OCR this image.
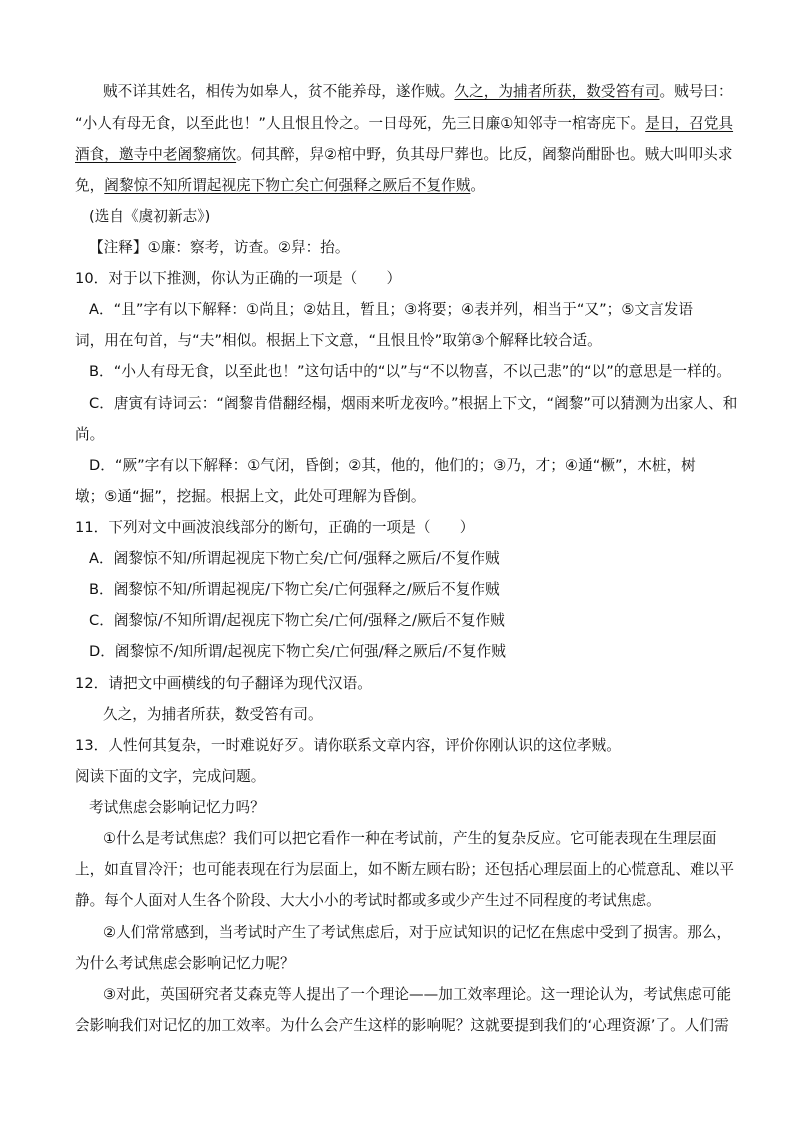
贼不详其姓名，相传为如皋人，贫不能养母，遂作贼。久之，为捕者所获，数受笞有司。贼号曰：
“小人有母无食，以至此也！”人且恨且怜之。一日母死，先三日廉①知邻寺一棺寄庑下。是日，召党具
酒食，邀寺中老阇黎痛饮。伺其醉，舁②棺中野，负其母尸葬也。比反，阇黎尚酣卧也。贼大叫叩头求
免，阇黎惊不知所谓起视庑下物亡矣亡何强释之厥后不复作贼。
(选自《虞初新志》)
【注释】①廉：察考，访查。②舁：抬。
10．对于以下推测，你认为正确的一项是（　　）
A．“且”字有以下解释：①尚且；②姑且，暂且；③将要；④表并列，相当于“又”；⑤文言发语
词，用在句首，与“夫”相似。根据上下文意，“且恨且怜”取第③个解释比较合适。
B．“小人有母无食，以至此也！”这句话中的“以”与“不以物喜，不以己悲”的“以”的意思是一样的。
C．唐寅有诗词云：“阇黎肯借翻经榻，烟雨来听龙夜吟。”根据上下文，“阇黎”可以猜测为出家人、和
尚。
D．“厥”字有以下解释：①气闭，昏倒；②其，他的，他们的；③乃，才；④通“橛”，木桩，树
墩；⑤通“掘”，挖掘。根据上文，此处可理解为昏倒。
11．下列对文中画波浪线部分的断句，正确的一项是（　　）
A．阇黎惊不知/所谓起视庑下物亡矣/亡何/强释之厥后/不复作贼
B．阇黎惊不知/所谓起视庑/下物亡矣/亡何强释之/厥后不复作贼
C．阇黎惊/不知所谓/起视庑下物亡矣/亡何/强释之/厥后不复作贼
D．阇黎惊不/知所谓/起视庑下物亡矣/亡何强/释之厥后/不复作贼
12．请把文中画横线的句子翻译为现代汉语。
久之，为捕者所获，数受笞有司。
13．人性何其复杂，一时难说好歹。请你联系文章内容，评价你刚认识的这位孝贼。
阅读下面的文字，完成问题。
考试焦虑会影响记忆力吗？
①什么是考试焦虑？我们可以把它看作一种在考试前，产生的复杂反应。它可能表现在生理层面
上，如直冒冷汗；也可能表现在行为层面上，如不断左顾右盼；还包括心理层面上的心慌意乱、难以平
静。每个人面对人生各个阶段、大大小小的考试时都或多或少产生过不同程度的考试焦虑。
②人们常常感到，当考试时产生了考试焦虑后，对于应试知识的记忆在焦虑中受到了损害。那么，
为什么考试焦虑会影响记忆力呢？
③对此，英国研究者艾森克等人提出了一个理论——加工效率理论。这一理论认为，考试焦虑可能
会影响我们对记忆的加工效率。为什么会产生这样的影响呢？这就要提到我们的‘心理资源’了。人们需
